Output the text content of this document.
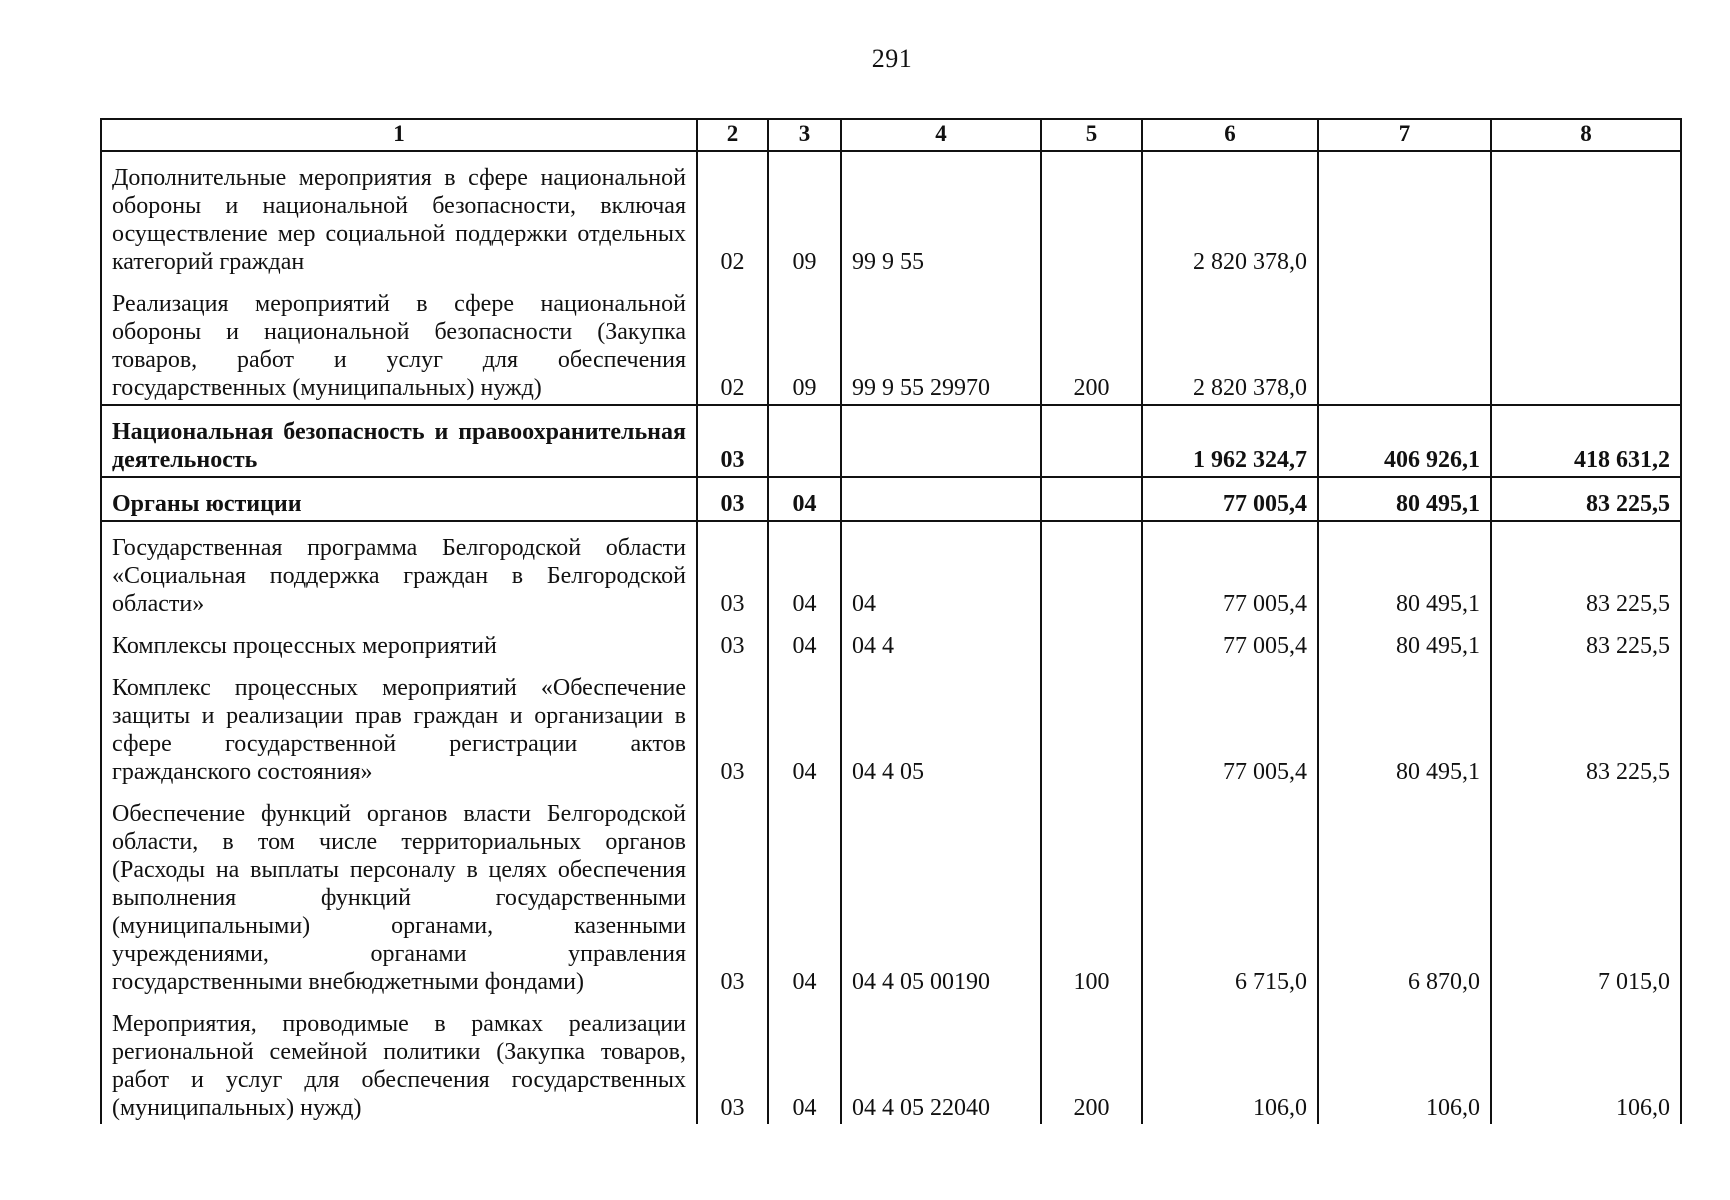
291
1	2	3	4	5	6	7	8
Дополнительные мероприятия в сфере национальной обороны и национальной безопасности, включая осуществление мер социальной поддержки отдельных категорий граждан	02	09	99 9 55		2 820 378,0		
Реализация мероприятий в сфере национальной обороны и национальной безопасности (Закупка товаров, работ и услуг для обеспечения государственных (муниципальных) нужд)	02	09	99 9 55 29970	200	2 820 378,0		
Национальная безопасность и правоохранительная деятельность	03				1 962 324,7	406 926,1	418 631,2
Органы юстиции	03	04			77 005,4	80 495,1	83 225,5
Государственная программа Белгородской области «Социальная поддержка граждан в Белгородской области»	03	04	04		77 005,4	80 495,1	83 225,5
Комплексы процессных мероприятий	03	04	04 4		77 005,4	80 495,1	83 225,5
Комплекс процессных мероприятий «Обеспечение защиты и реализации прав граждан и организации в сфере государственной регистрации актов гражданского состояния»	03	04	04 4 05		77 005,4	80 495,1	83 225,5
Обеспечение функций органов власти Белгородской области, в том числе территориальных органов (Расходы на выплаты персоналу в целях обеспечения выполнения функций государственными (муниципальными) органами, казенными учреждениями, органами управления государственными внебюджетными фондами)	03	04	04 4 05 00190	100	6 715,0	6 870,0	7 015,0
Мероприятия, проводимые в рамках реализации региональной семейной политики (Закупка товаров, работ и услуг для обеспечения государственных (муниципальных) нужд)	03	04	04 4 05 22040	200	106,0	106,0	106,0
